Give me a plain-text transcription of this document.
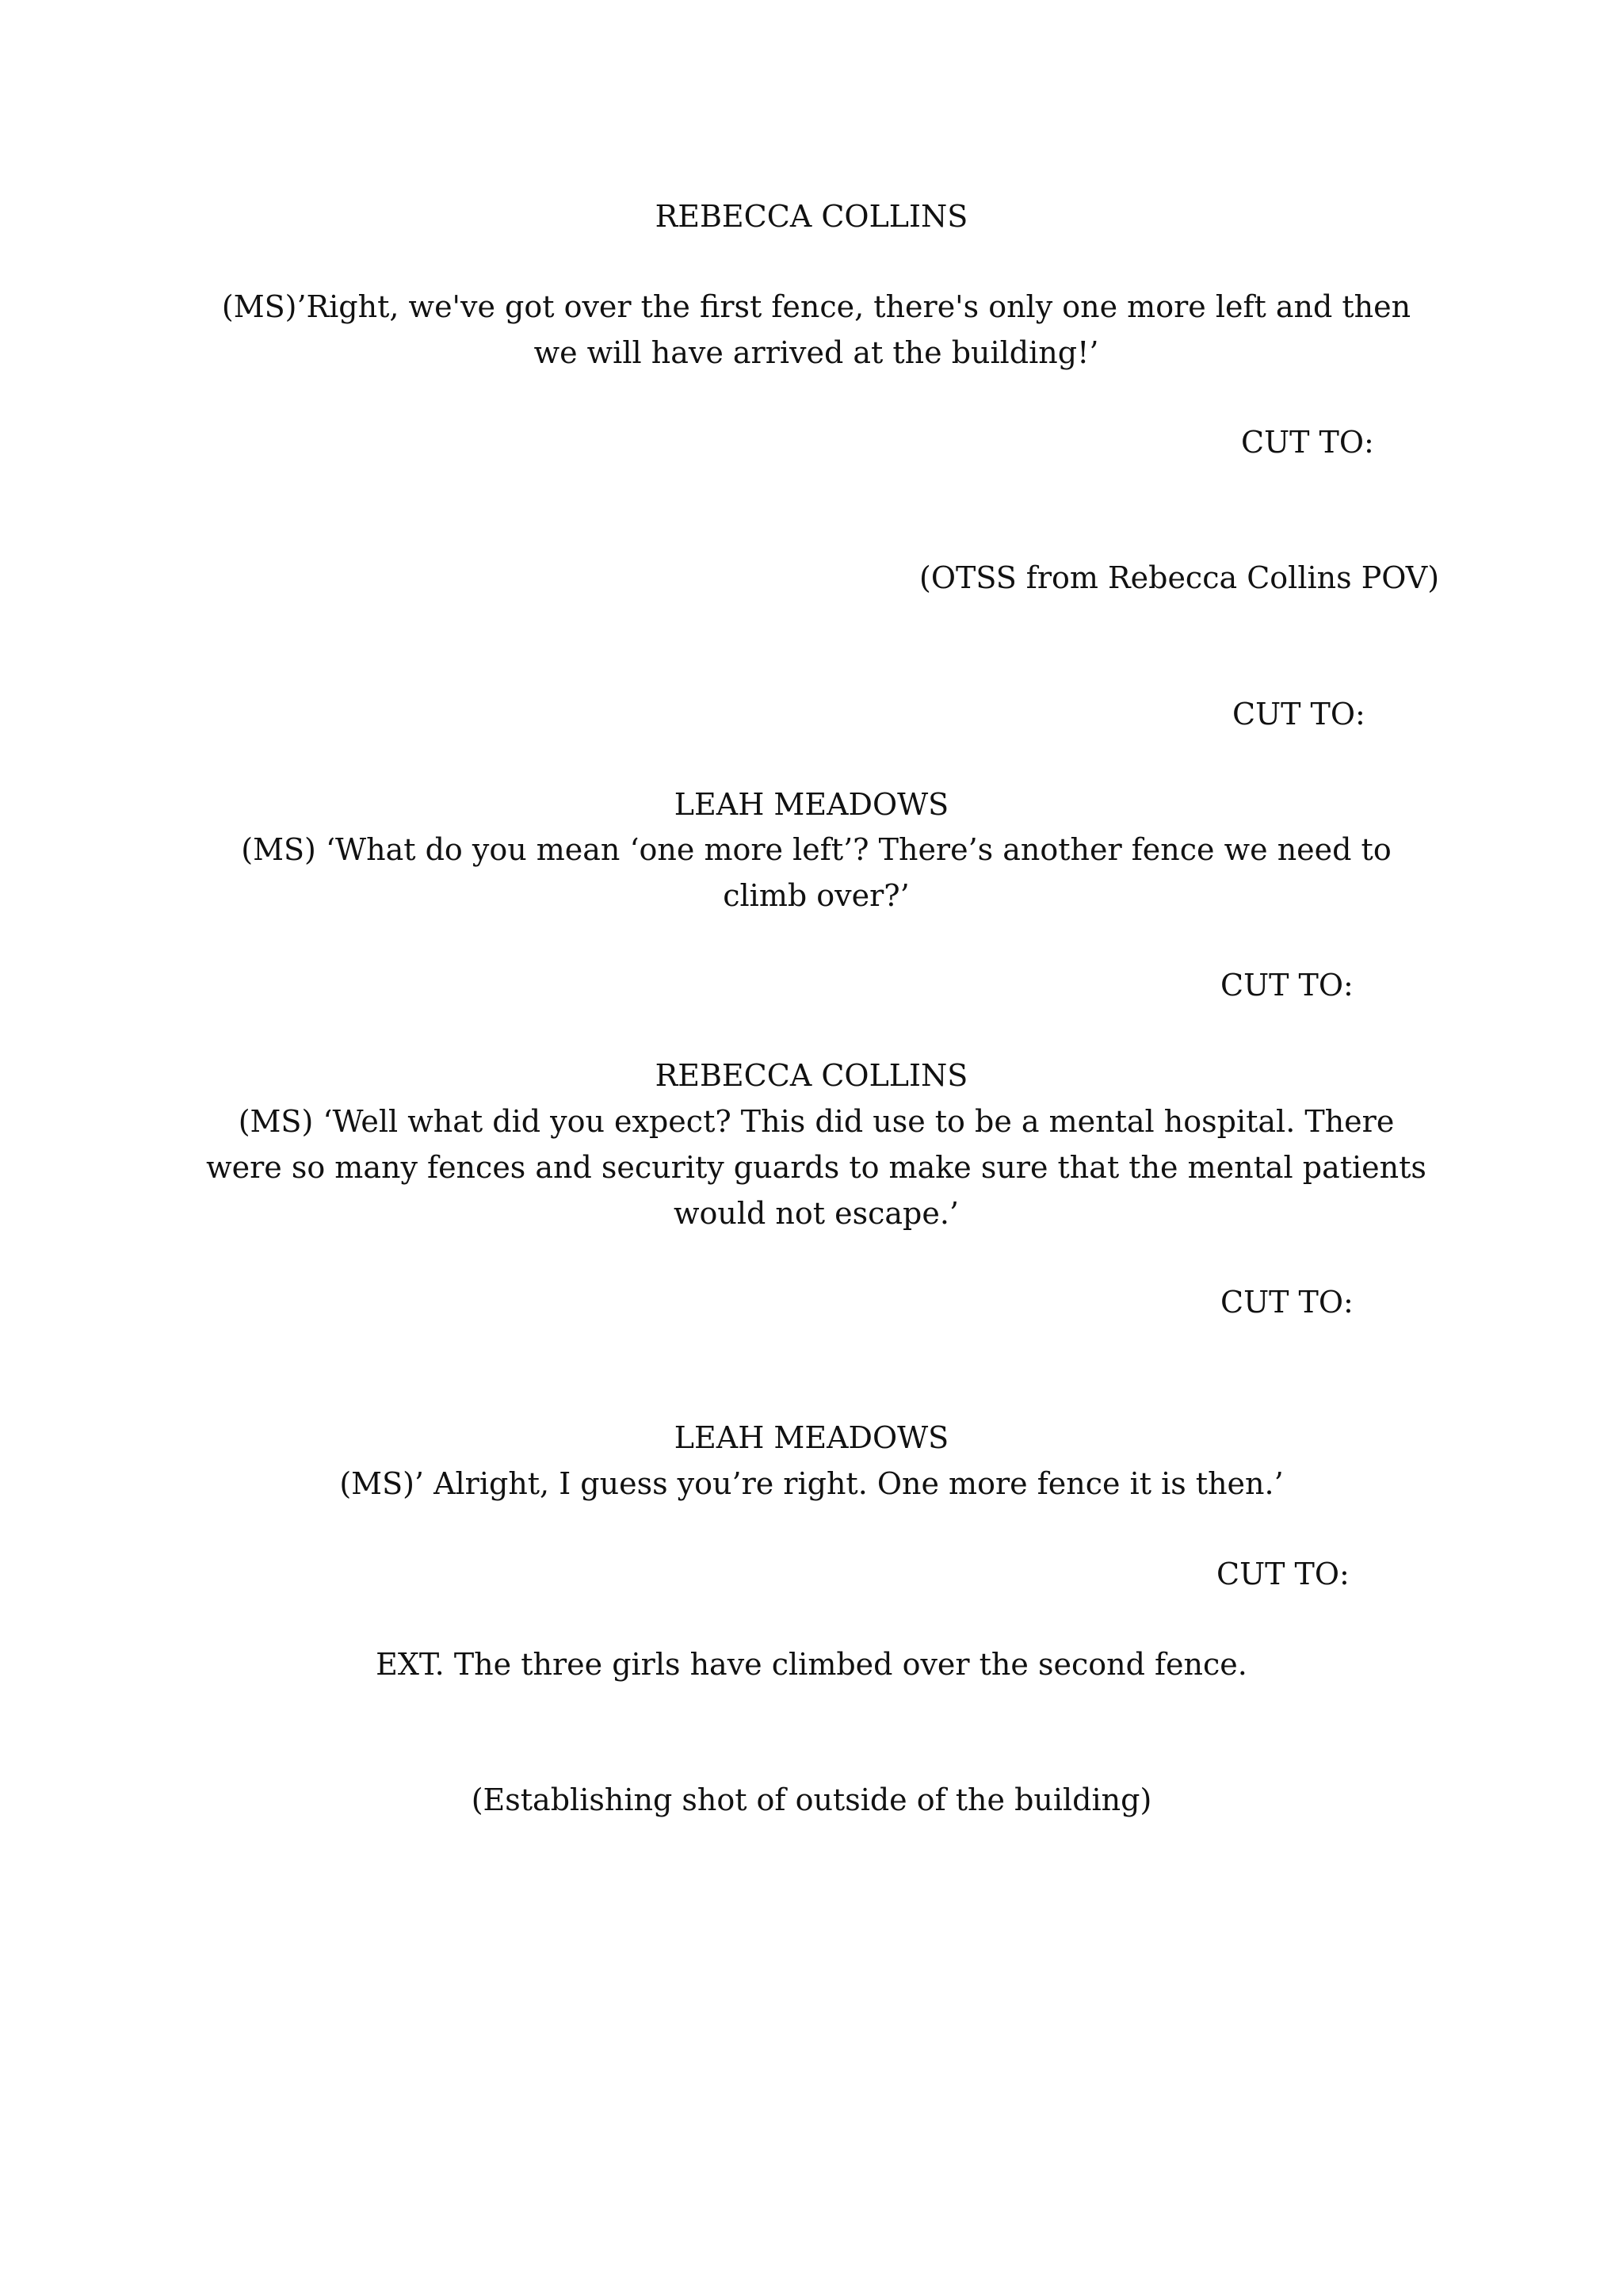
REBECCA COLLINS
(MS)’Right, we've got over the first fence, there's only one more left and then we will have arrived at the building!’
CUT TO:
(OTSS from Rebecca Collins POV)
CUT TO:
LEAH MEADOWS
(MS) ‘What do you mean ‘one more left’? There’s another fence we need to climb over?’
CUT TO:
REBECCA COLLINS
(MS) ‘Well what did you expect? This did use to be a mental hospital. There were so many fences and security guards to make sure that the mental patients would not escape.’
CUT TO:
LEAH MEADOWS
(MS)’ Alright, I guess you’re right. One more fence it is then.’
CUT TO:
EXT. The three girls have climbed over the second fence.
(Establishing shot of outside of the building)
